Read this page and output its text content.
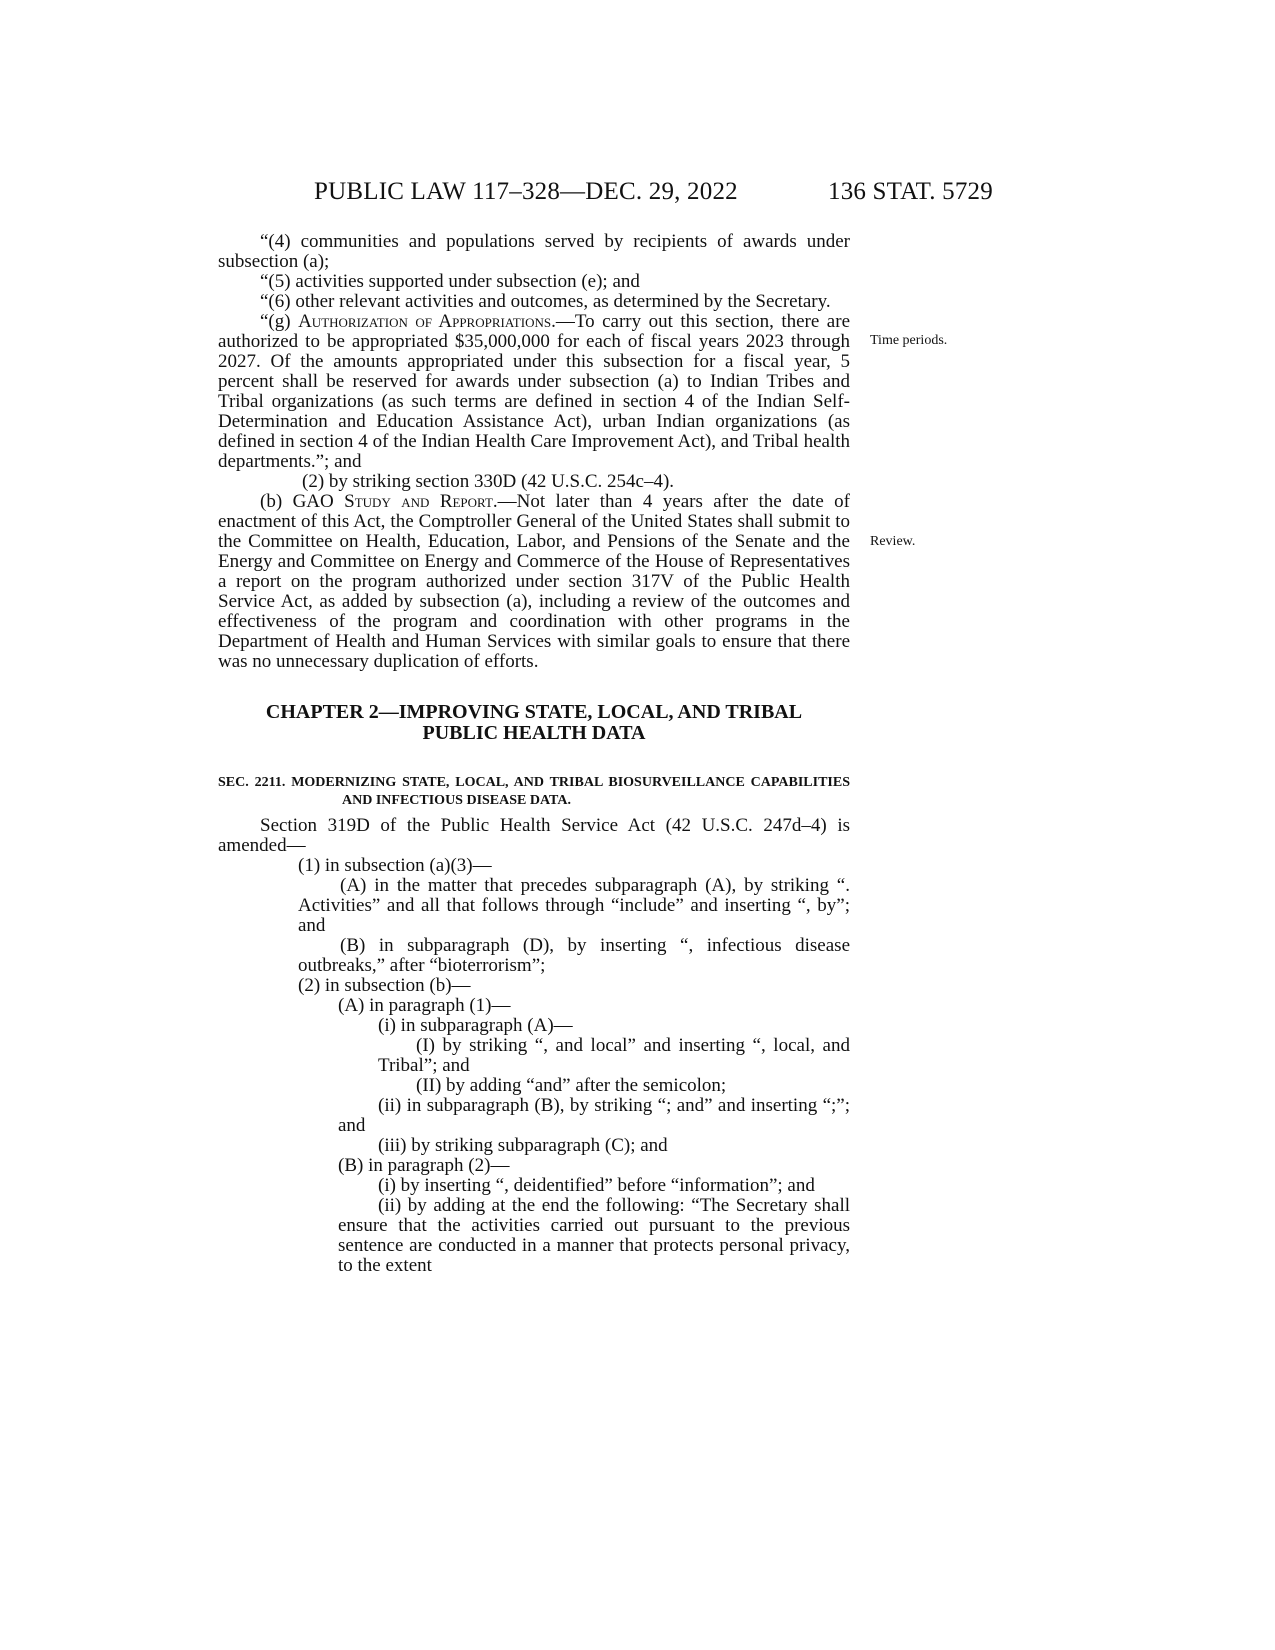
PUBLIC LAW 117–328—DEC. 29, 2022	136 STAT. 5729
Time periods.
Review.

“(4) communities and populations served by recipients of awards under subsection (a);

“(5) activities supported under subsection (e); and

“(6) other relevant activities and outcomes, as determined by the Secretary.

“(g) Authorization of Appropriations.—To carry out this section, there are authorized to be appropriated $35,000,000 for each of fiscal years 2023 through 2027. Of the amounts appropriated under this subsection for a fiscal year, 5 percent shall be reserved for awards under subsection (a) to Indian Tribes and Tribal organizations (as such terms are defined in section 4 of the Indian Self-Determination and Education Assistance Act), urban Indian organizations (as defined in section 4 of the Indian Health Care Improvement Act), and Tribal health departments.”; and

(2) by striking section 330D (42 U.S.C. 254c–4).

(b) GAO Study and Report.—Not later than 4 years after the date of enactment of this Act, the Comptroller General of the United States shall submit to the Committee on Health, Education, Labor, and Pensions of the Senate and the Energy and Committee on Energy and Commerce of the House of Representatives a report on the program authorized under section 317V of the Public Health Service Act, as added by subsection (a), including a review of the outcomes and effectiveness of the program and coordination with other programs in the Department of Health and Human Services with similar goals to ensure that there was no unnecessary duplication of efforts.

CHAPTER 2—IMPROVING STATE, LOCAL, AND TRIBAL
PUBLIC HEALTH DATA

SEC. 2211. MODERNIZING STATE, LOCAL, AND TRIBAL BIOSURVEILLANCE CAPABILITIES AND INFECTIOUS DISEASE DATA.

Section 319D of the Public Health Service Act (42 U.S.C. 247d–4) is amended—

(1) in subsection (a)(3)—

(A) in the matter that precedes subparagraph (A), by striking “. Activities” and all that follows through “include” and inserting “, by”; and

(B) in subparagraph (D), by inserting “, infectious disease outbreaks,” after “bioterrorism”;

(2) in subsection (b)—

(A) in paragraph (1)—

(i) in subparagraph (A)—

(I) by striking “, and local” and inserting “, local, and Tribal”; and

(II) by adding “and” after the semicolon;

(ii) in subparagraph (B), by striking “; and” and inserting “;”; and

(iii) by striking subparagraph (C); and

(B) in paragraph (2)—

(i) by inserting “, deidentified” before “information”; and

(ii) by adding at the end the following: “The Secretary shall ensure that the activities carried out pursuant to the previous sentence are conducted in a manner that protects personal privacy, to the extent
